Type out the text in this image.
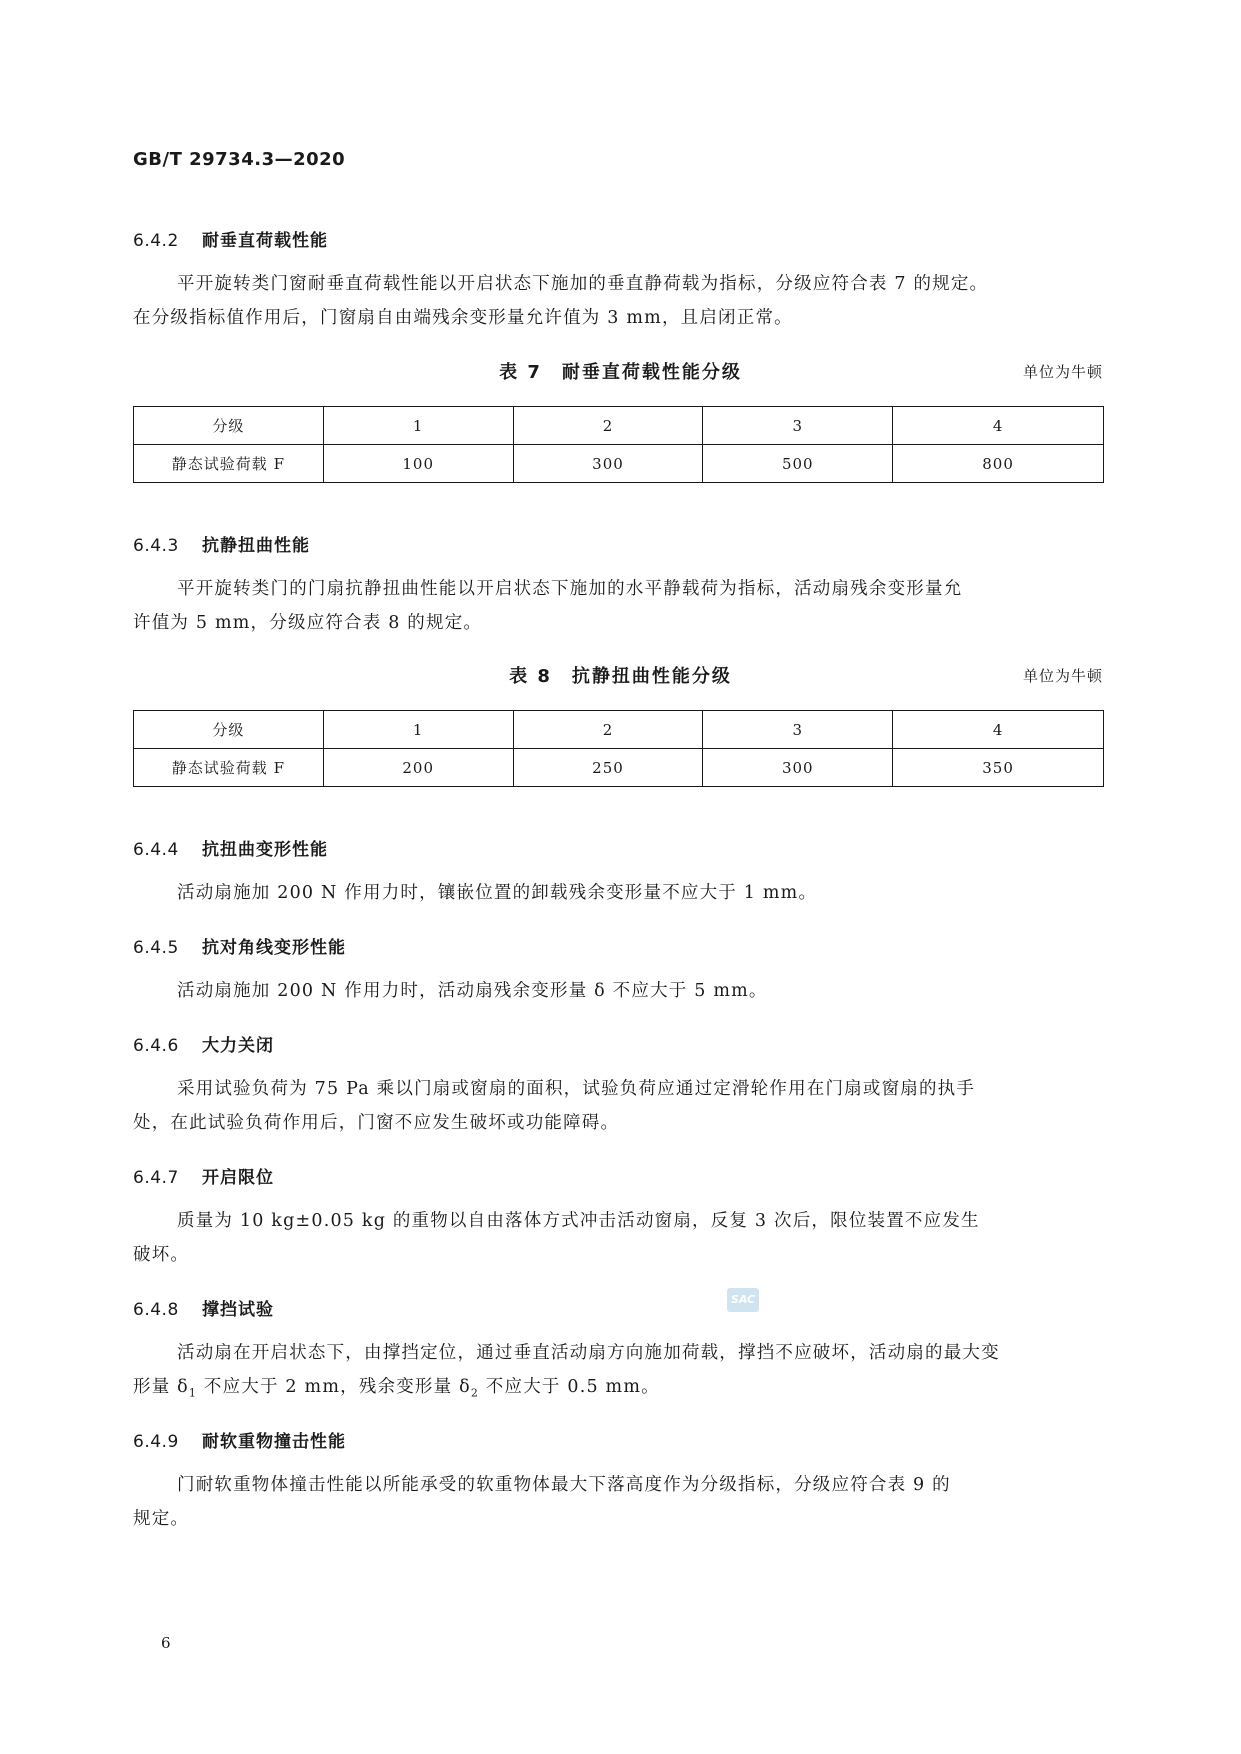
GB/T 29734.3—2020
6.4.2 耐垂直荷载性能
平开旋转类门窗耐垂直荷载性能以开启状态下施加的垂直静荷载为指标，分级应符合表 7 的规定。
在分级指标值作用后，门窗扇自由端残余变形量允许值为 3 mm，且启闭正常。
表 7　耐垂直荷载性能分级	单位为牛顿
分级	1	2	3	4
静态试验荷载 F	100	300	500	800
6.4.3 抗静扭曲性能
平开旋转类门的门扇抗静扭曲性能以开启状态下施加的水平静载荷为指标，活动扇残余变形量允
许值为 5 mm，分级应符合表 8 的规定。
表 8　抗静扭曲性能分级	单位为牛顿
分级	1	2	3	4
静态试验荷载 F	200	250	300	350
6.4.4 抗扭曲变形性能
活动扇施加 200 N 作用力时，镶嵌位置的卸载残余变形量不应大于 1 mm。
6.4.5 抗对角线变形性能
活动扇施加 200 N 作用力时，活动扇残余变形量 δ 不应大于 5 mm。
6.4.6 大力关闭
采用试验负荷为 75 Pa 乘以门扇或窗扇的面积，试验负荷应通过定滑轮作用在门扇或窗扇的执手
处，在此试验负荷作用后，门窗不应发生破坏或功能障碍。
6.4.7 开启限位
质量为 10 kg±0.05 kg 的重物以自由落体方式冲击活动窗扇，反复 3 次后，限位装置不应发生
破坏。
SAC
6.4.8 撑挡试验
活动扇在开启状态下，由撑挡定位，通过垂直活动扇方向施加荷载，撑挡不应破坏，活动扇的最大变
形量 $\delta_1$ 不应大于 2 mm，残余变形量 $\delta_2$ 不应大于 0.5 mm。
6.4.9 耐软重物撞击性能
门耐软重物体撞击性能以所能承受的软重物体最大下落高度作为分级指标，分级应符合表 9 的
规定。
6
